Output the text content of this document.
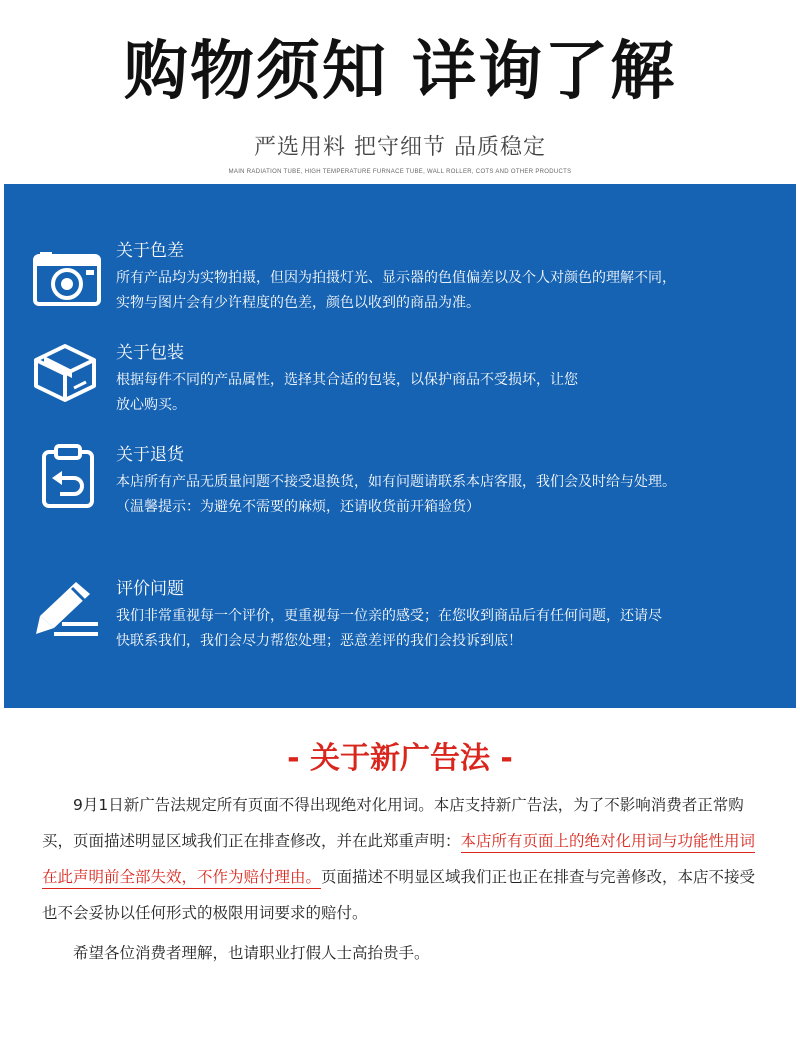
购物须知 详询了解
严选用料 把守细节 品质稳定
MAIN RADIATION TUBE, HIGH TEMPERATURE FURNACE TUBE, WALL ROLLER, COTS AND OTHER PRODUCTS
关于色差
所有产品均为实物拍摄，但因为拍摄灯光、显示器的色值偏差以及个人对颜色的理解不同，
实物与图片会有少许程度的色差，颜色以收到的商品为准。
关于包装
根据每件不同的产品属性，选择其合适的包装，以保护商品不受损坏，让您
放心购买。
关于退货
本店所有产品无质量问题不接受退换货，如有问题请联系本店客服，我们会及时给与处理。
（温馨提示：为避免不需要的麻烦，还请收货前开箱验货）
评价问题
我们非常重视每一个评价，更重视每一位亲的感受；在您收到商品后有任何问题，还请尽
快联系我们，我们会尽力帮您处理；恶意差评的我们会投诉到底！
- 关于新广告法 -

9月1日新广告法规定所有页面不得出现绝对化用词。本店支持新广告法，为了不影响消费者正常购买，页面描述明显区域我们正在排查修改，并在此郑重声明：本店所有页面上的绝对化用词与功能性用词在此声明前全部失效，不作为赔付理由。页面描述不明显区域我们正也正在排查与完善修改，本店不接受也不会妥协以任何形式的极限用词要求的赔付。

希望各位消费者理解，也请职业打假人士高抬贵手。
